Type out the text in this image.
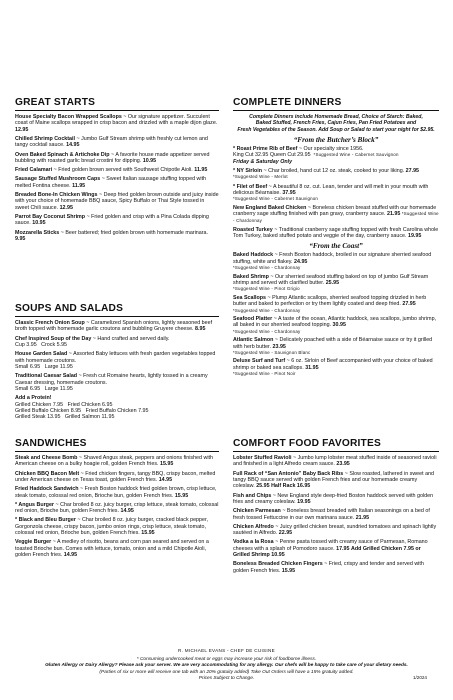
GREAT STARTS

House Specialty Bacon Wrapped Scallops ~ Our signature appetizer. Succulent coast of Maine scallops wrapped in crisp bacon and drizzled with a maple dijon glaze. 12.95

Chilled Shrimp Cocktail ~ Jumbo Gulf Stream shrimp with freshly cut lemon and tangy cocktail sauce. 14.95

Oven Baked Spinach & Artichoke Dip ~ A favorite house made appetizer served bubbling with roasted garlic bread crostini for dipping. 10.95

Fried Calamari ~ Fried golden brown served with Southwest Chipotle Aioli. 11.95

Sausage Stuffed Mushroom Caps ~ Sweet Italian sausage stuffing topped with melted Fontina cheese. 11.95

Breaded Bone-In Chicken Wings ~ Deep fried golden brown outside and juicy inside with your choice of homemade BBQ sauce, Spicy Buffalo or Thai Style tossed in sweet Chili sauce. 12.95

Parrot Bay Coconut Shrimp ~ Fried golden and crisp with a Pina Colada dipping sauce. 10.95

Mozzarella Sticks ~ Beer battered; fried golden brown with homemade marinara. 9.95

SOUPS AND SALADS

Classic French Onion Soup ~ Caramelized Spanish onions, lightly seasoned beef broth topped with homemade garlic croutons and bubbling Gruyere cheese. 8.95

Chef Inspired Soup of the Day ~ Hand crafted and served daily.
Cup 3.95 Crock 5.95

House Garden Salad ~ Assorted Baby lettuces with fresh garden vegetables topped with homemade croutons.
Small 6.95 Large 11.95

Traditional Caesar Salad ~ Fresh cut Romaine hearts, lightly tossed in a creamy Caesar dressing, homemade croutons.
Small 6.95 Large 11.95

Add a Protein!
Grilled Chicken 7.95 Fried Chicken 6.95
Grilled Buffalo Chicken 8.95 Fried Buffalo Chicken 7.95
Grilled Steak 13.95 Grilled Salmon 11.95

SANDWICHES

Steak and Cheese Bomb ~ Shaved Angus steak, peppers and onions finished with American cheese on a bulky hoagie roll, golden French fries. 15.95

Chicken BBQ Bacon Melt ~ Fried chicken fingers, tangy BBQ, crispy bacon, melted under American cheese on Texas toast, golden French fries. 14.95

Fried Haddock Sandwich ~ Fresh Boston haddock fried golden brown, crisp lettuce, steak tomato, colossal red onion, Brioche bun, golden French fries. 15.95

* Angus Burger ~ Char broiled 8 oz. juicy burger, crisp lettuce, steak tomato, colossal red onion, Brioche bun, golden French fries. 14.95

* Black and Bleu Burger ~ Char broiled 8 oz. juicy burger, cracked black pepper, Gorgonzola cheese, crispy bacon, jumbo onion rings, crisp lettuce, steak tomato, colossal red onion, Brioche bun, golden French fries. 15.95

Veggie Burger ~ A medley of risotto, beans and corn pan seared and served on a toasted Brioche bun. Comes with lettuce, tomato, onion and a mild Chipotle Aioli, golden French fries. 14.95

COMPLETE DINNERS

Complete Dinners include Homemade Bread, Choice of Starch: Baked,
Baked Stuffed, French Fries, Cajun Fries, Pan Fried Potatoes and
Fresh Vegetables of the Season. Add Soup or Salad to start your night for $2.95.

“From the Butcher’s Block”

* Roast Prime Rib of Beef ~ Our specialty since 1956.
King Cut 32.95 Queen Cut 29.95 *Suggested Wine - Cabernet Sauvignon
Friday & Saturday Only

* NY Sirloin ~ Char broiled, hand cut 12 oz. steak, cooked to your liking. 27.95 *Suggested Wine - Merlot

* Filet of Beef ~ A beautiful 8 oz. cut. Lean, tender and will melt in your mouth with delicious Béarnaise. 37.95
*Suggested Wine - Cabernet Sauvignon

New England Baked Chicken ~ Boneless chicken breast stuffed with our homemade cranberry sage stuffing finished with pan gravy, cranberry sauce. 21.95 *Suggested Wine - Chardonnay

Roasted Turkey ~ Traditional cranberry sage stuffing topped with fresh Carolina whole Tom Turkey, baked stuffed potato and veggie of the day, cranberry sauce. 19.95

“From the Coast”

Baked Haddock ~ Fresh Boston haddock, broiled in our signature sherried seafood stuffing, white and flakey. 24.95
*Suggested Wine - Chardonnay

Baked Shrimp ~ Our sherried seafood stuffing baked on top of jumbo Gulf Stream shrimp and served with clarified butter. 25.95
*Suggested Wine - Pinot Grigio

Sea Scallops ~ Plump Atlantic scallops, sherried seafood topping drizzled in herb butter and baked to perfection or try them lightly coated and deep fried. 27.95
*Suggested Wine - Chardonnay

Seafood Platter ~ A taste of the ocean, Atlantic haddock, sea scallops, jumbo shrimp, all baked in our sherried seafood topping. 30.95
*Suggested Wine - Chardonnay

Atlantic Salmon ~ Delicately poached with a side of Béarnaise sauce or try it grilled with herb butter. 23.95
*Suggested Wine - Sauvignon Blanc

Deluxe Surf and Turf ~ 6 oz. Sirloin of Beef accompanied with your choice of baked shrimp or baked sea scallops. 31.95
*Suggested Wine - Pinot Noir

COMFORT FOOD FAVORITES

Lobster Stuffed Ravioli ~ Jumbo lump lobster meat stuffed inside of seasoned ravioli and finished in a light Alfredo cream sauce. 23.95

Full Rack of “San Antonio” Baby Back Ribs ~ Slow roasted, lathered in sweet and tangy BBQ sauce served with golden French fries and our homemade creamy coleslaw. 25.95 Half Rack 16.95

Fish and Chips ~ New England style deep-fried Boston haddock served with golden fries and creamy coleslaw. 19.95

Chicken Parmesan ~ Boneless breast breaded with Italian seasonings on a bed of fresh tossed Fettuccine in our own marinara sauce. 21.95

Chicken Alfredo ~ Juicy grilled chicken breast, sundried tomatoes and spinach lightly sautéed in Alfredo. 22.95

Vodka a la Rosa ~ Penne pasta tossed with creamy sauce of Parmesan, Romano cheeses with a splash of Pomodoro sauce. 17.95 Add Grilled Chicken 7.95 or Grilled Shrimp 10.95

Boneless Breaded Chicken Fingers ~ Fried, crispy and tender and served with golden French fries. 15.95

R. MICHAEL EVANS - CHEF DE CUISINE
* Consuming undercooked meat or eggs may increase your risk of foodborne illness.
Gluten Allergy or Dairy Allergy? Please ask your server. We are very accommodating for any allergy. Our chefs will be happy to take care of your dietary needs.
(Parties of six or more will receive one tab with an 20% gratuity added) Take Out Orders will have a 15% gratuity added.
Prices Subject to Change.	1/2024
